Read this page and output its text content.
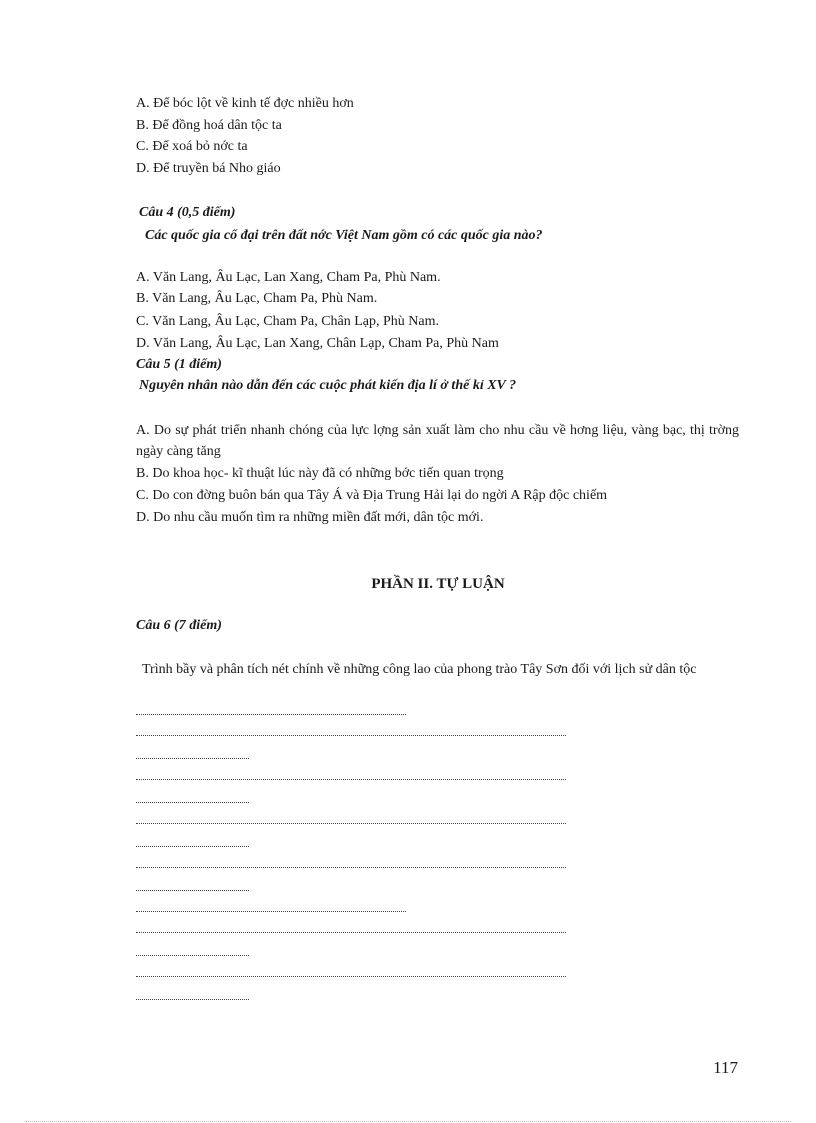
A. Để bóc lột về kinh tế đợc nhiều hơn
B. Để đồng hoá dân tộc ta
C. Để xoá bỏ nớc ta
D. Để truyền bá Nho giáo
Câu 4 (0,5 điểm)
Các quốc gia cổ đại trên đất nớc Việt Nam gồm có các quốc gia nào?
A. Văn Lang, Âu Lạc, Lan Xang, Cham Pa, Phù Nam.
B. Văn Lang, Âu Lạc, Cham Pa, Phù Nam.
C. Văn Lang, Âu Lạc, Cham Pa, Chân Lạp, Phù Nam.
D. Văn Lang, Âu Lạc, Lan Xang, Chân Lạp, Cham Pa, Phù Nam
Câu 5 (1 điểm)
Nguyên nhân nào dẫn đến các cuộc phát kiến địa lí ở thế kỉ XV ?
A. Do sự phát triển nhanh chóng của lực lợng sản xuất làm cho nhu cầu về hơng liệu, vàng bạc, thị trờng ngày càng tăng
B. Do khoa học- kĩ thuật lúc này đã có những bớc tiến quan trọng
C. Do con đờng buôn bán qua Tây Á và Địa Trung Hải lại do ngời A Rập độc chiếm
D. Do nhu cầu muốn tìm ra những miền đất mới, dân tộc mới.
PHẦN II. TỰ LUẬN
Câu 6 (7 điểm)
Trình bầy và phân tích nét chính về những công lao của phong trào Tây Sơn đối với lịch sử dân tộc
117
